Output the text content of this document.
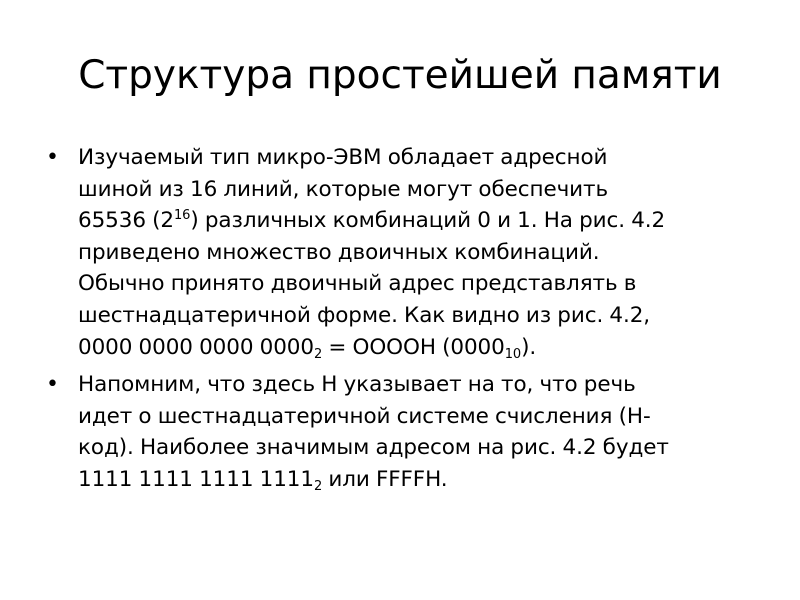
Структура простейшей памяти
• Изучаемый тип микро-ЭВМ обладает адресной
шиной из 16 линий, которые могут обеспечить
65536 $(2^{16})$ различных комбинаций 0 и 1. На рис. 4.2
приведено множество двоичных комбинаций.
Обычно принято двоичный адрес представлять в
шестнадцатеричной форме. Как видно из рис. 4.2,
0000 0000 0000 $0000_2$ = ООООН $(0000_{10})$.
• Напомним, что здесь Н указывает на то, что речь
идет о шестнадцатеричной системе счисления (Н-
код). Наиболее значимым адресом на рис. 4.2 будет
1111 1111 1111 $1111_2$ или FFFFH.
